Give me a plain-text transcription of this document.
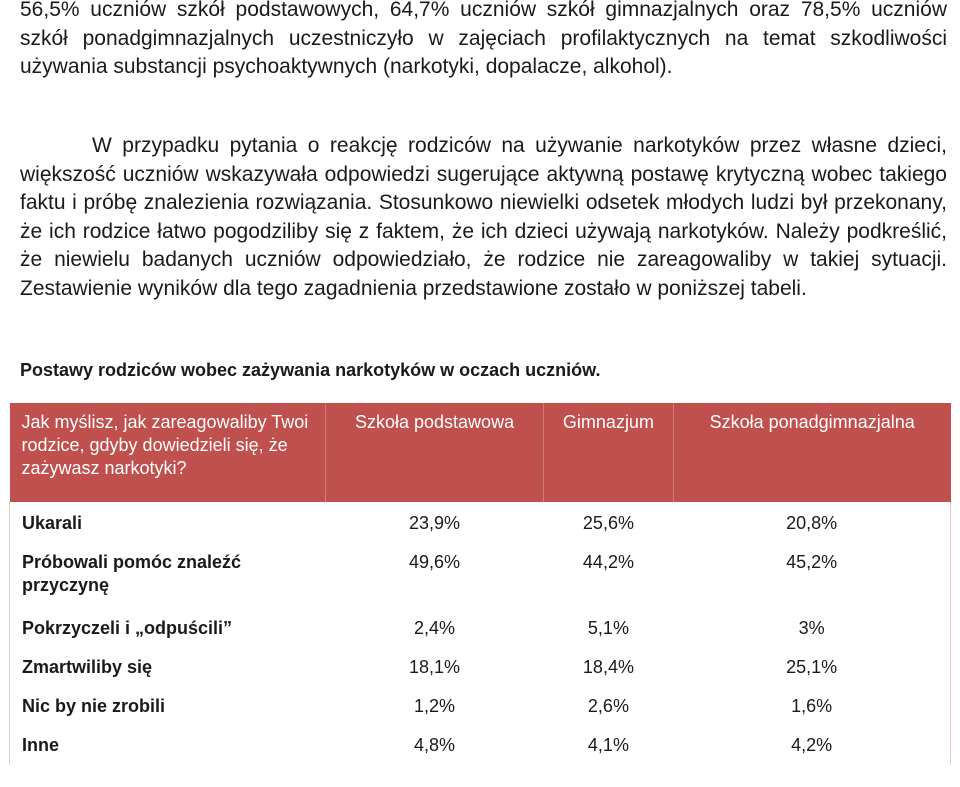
56,5% uczniów szkół podstawowych, 64,7% uczniów szkół gimnazjalnych oraz 78,5% uczniów szkół ponadgimnazjalnych uczestniczyło w zajęciach profilaktycznych na temat szkodliwości używania substancji psychoaktywnych (narkotyki, dopalacze, alkohol).

W przypadku pytania o reakcję rodziców na używanie narkotyków przez własne dzieci, większość uczniów wskazywała odpowiedzi sugerujące aktywną postawę krytyczną wobec takiego faktu i próbę znalezienia rozwiązania. Stosunkowo niewielki odsetek młodych ludzi był przekonany, że ich rodzice łatwo pogodziliby się z faktem, że ich dzieci używają narkotyków. Należy podkreślić, że niewielu badanych uczniów odpowiedziało, że rodzice nie zareagowaliby w takiej sytuacji. Zestawienie wyników dla tego zagadnienia przedstawione zostało w poniższej tabeli.

Postawy rodziców wobec zażywania narkotyków w oczach uczniów.

Jak myślisz, jak zareagowaliby Twoi rodzice, gdyby dowiedzieli się, że zażywasz narkotyki?	Szkoła podstawowa	Gimnazjum	Szkoła ponadgimnazjalna
Ukarali	23,9%	25,6%	20,8%
Próbowali pomóc znaleźć przyczynę	49,6%	44,2%	45,2%
Pokrzyczeli i „odpuścili”	2,4%	5,1%	3%
Zmartwiliby się	18,1%	18,4%	25,1%
Nic by nie zrobili	1,2%	2,6%	1,6%
Inne	4,8%	4,1%	4,2%
